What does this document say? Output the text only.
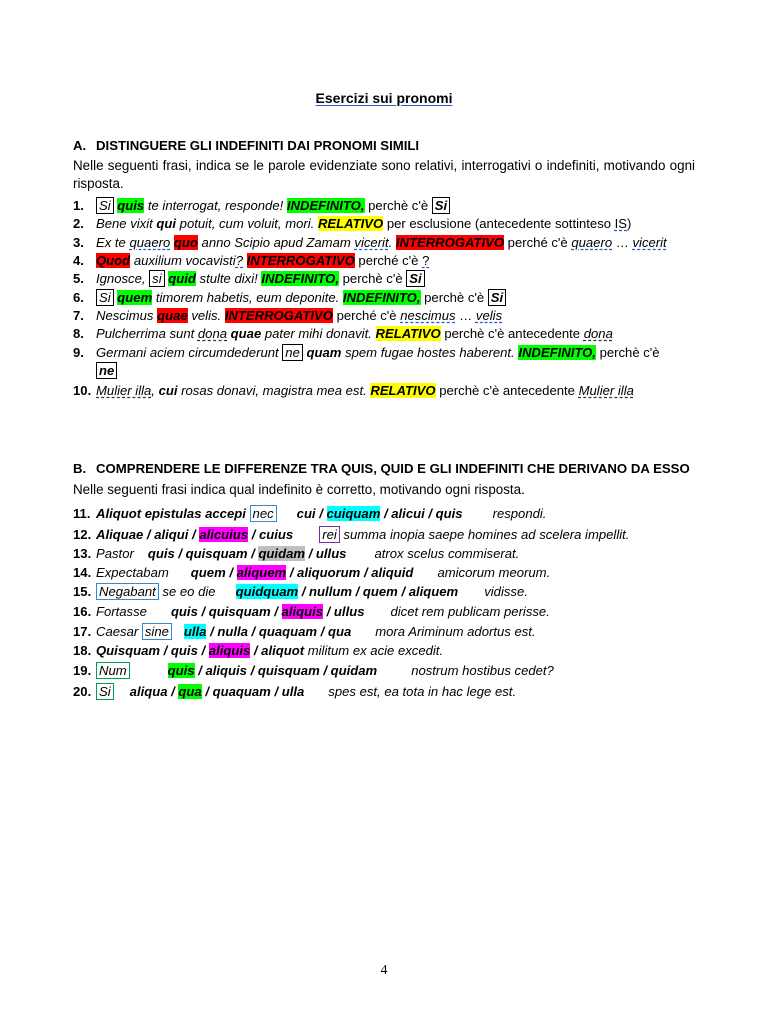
Esercizi sui pronomi
A. DISTINGUERE GLI INDEFINITI DAI PRONOMI SIMILI
Nelle seguenti frasi, indica se le parole evidenziate sono relativi, interrogativi o indefiniti, motivando ogni risposta.
1. Si quis te interrogat, responde! INDEFINITO, perchè c'è Si
2. Bene vixit qui potuit, cum voluit, mori. RELATIVO per esclusione (antecedente sottinteso IS)
3. Ex te quaero quo anno Scipio apud Zamam vicerit. INTERROGATIVO perché c'è quaero … vicerit
4. Quod auxilium vocavisti? INTERROGATIVO perché c'è ?
5. Ignosce, si quid stulte dixi! INDEFINITO, perchè c'è Si
6. Si quem timorem habetis, eum deponite. INDEFINITO, perchè c'è Si
7. Nescimus quae velis. INTERROGATIVO perché c'è nescimus … velis
8. Pulcherrima sunt dona quae pater mihi donavit. RELATIVO perchè c'è antecedente dona
9. Germani aciem circumdederunt ne quam spem fugae hostes haberent. INDEFINITO, perchè c'è
ne
10. Mulier illa, cui rosas donavi, magistra mea est. RELATIVO perchè c'è antecedente Mulier illa
B. COMPRENDERE LE DIFFERENZE TRA QUIS, QUID E GLI INDEFINITI CHE DERIVANO DA ESSO
Nelle seguenti frasi indica qual indefinito è corretto, motivando ogni risposta.
11. Aliquot epistulas accepi nec cui / cuiquam / alicui / quis respondi.
12. Aliquae / aliqui / alicuius / cuius rei summa inopia saepe homines ad scelera impellit.
13. Pastor quis / quisquam / quidam / ullus atrox scelus commiserat.
14. Expectabam quem / aliquem / aliquorum / aliquid amicorum meorum.
15. Negabant se eo die quidquam / nullum / quem / aliquem vidisse.
16. Fortasse quis / quisquam / aliquis / ullus dicet rem publicam perisse.
17. Caesar sine ulla / nulla / quaquam / qua mora Ariminum adortus est.
18. Quisquam / quis / aliquis / aliquot militum ex acie excedit.
19. Num	quis / aliquis / quisquam / quidam	nostrum hostibus cedet?
20. Si aliqua / qua / quaquam / ulla spes est, ea tota in hac lege est.
4
